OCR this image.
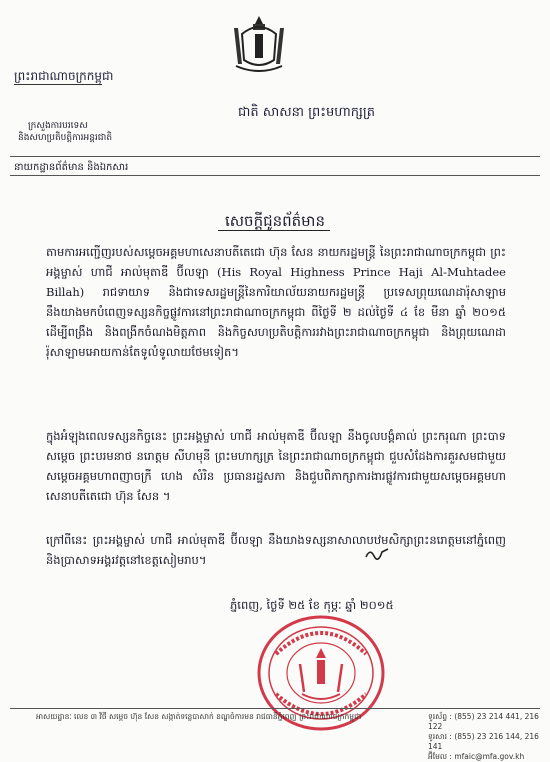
ព្រះរាជាណាចក្រកម្ពុជា
ជាតិ សាសនា ព្រះមហាក្សត្រ
ក្រសួងការបរទេស
និងសហប្រតិបត្តិការអន្តរជាតិ
នាយកដ្ឋានព័ត៌មាន និងឯកសារ
សេចក្តីជូនព័ត៌មាន
តាមការអញ្ជើញរបស់សម្តេចអគ្គមហាសេនាបតីតេជោ ហ៊ុន សែន នាយករដ្ឋមន្ត្រី នៃព្រះរាជាណាចក្រកម្ពុជា ព្រះអង្គម្ចាស់ ហាជី អាល់មុតាឌី ប៊ីលឡា (His Royal Highness Prince Haji Al-Muhtadee Billah) រាជទាយាទ និងជាទេសរដ្ឋមន្ត្រីនៃការិយាល័យនាយករដ្ឋមន្ត្រី ប្រទេសព្រុយណេដារ៉ុសាឡាម នឹងយាងមកបំពេញទស្សនកិច្ចផ្លូវការនៅព្រះរាជាណាចក្រកម្ពុជា ពីថ្ងៃទី ២ ដល់ថ្ងៃទី ៤ ខែ មីនា ឆ្នាំ ២០១៥ ដើម្បីពង្រឹង និងពង្រីកចំណងមិត្តភាព និងកិច្ចសហប្រតិបត្តិការរវាងព្រះរាជាណាចក្រកម្ពុជា និងព្រុយណេដារ៉ុសាឡាមអោយកាន់តែទូលំទូលាយថែមទៀត។
ក្នុងអំឡុងពេលទស្សនកិច្ចនេះ ព្រះអង្គម្ចាស់ ហាជី អាល់មុតាឌី ប៊ីលឡា នឹងចូលបង្គំគាល់ ព្រះករុណា ព្រះបាទ សម្តេច ព្រះបរមនាថ នរោត្តម សីហមុនី ព្រះមហាក្សត្រ នៃព្រះរាជាណាចក្រកម្ពុជា ជួបសំដែងការគួរសមជាមួយសម្តេចអគ្គមហាពញាចក្រី ហេង សំរិន ប្រធានរដ្ឋសភា និងជួបពិភាក្សាការងារផ្លូវការជាមួយសម្តេចអគ្គមហាសេនាបតីតេជោ ហ៊ុន សែន ។
ក្រៅពីនេះ ព្រះអង្គម្ចាស់ ហាជី អាល់មុតាឌី ប៊ីលឡា នឹងយាងទស្សនាសាលាបឋមសិក្សាព្រះនរោត្តមនៅភ្នំពេញ និងប្រាសាទអង្គរវត្តនៅខេត្តសៀមរាប។
ភ្នំពេញ, ថ្ងៃទី ២៥ ខែ កុម្ភៈ ឆ្នាំ ២០១៥
អាសយដ្ឋានៈ លេខ ៣ វិថី សម្តេច ហ៊ុន សែន សង្កាត់ទន្លេបាសាក់ ខណ្ឌចំការមន រាជធានីភ្នំពេញ ព្រះរាជាណាចក្រកម្ពុជា	ទូរស័ព្ទ : (855) 23 214 441, 216 122
ទូរសារ : (855) 23 216 144, 216 141
អ៊ីមែល : mfaic@mfa.gov.kh
